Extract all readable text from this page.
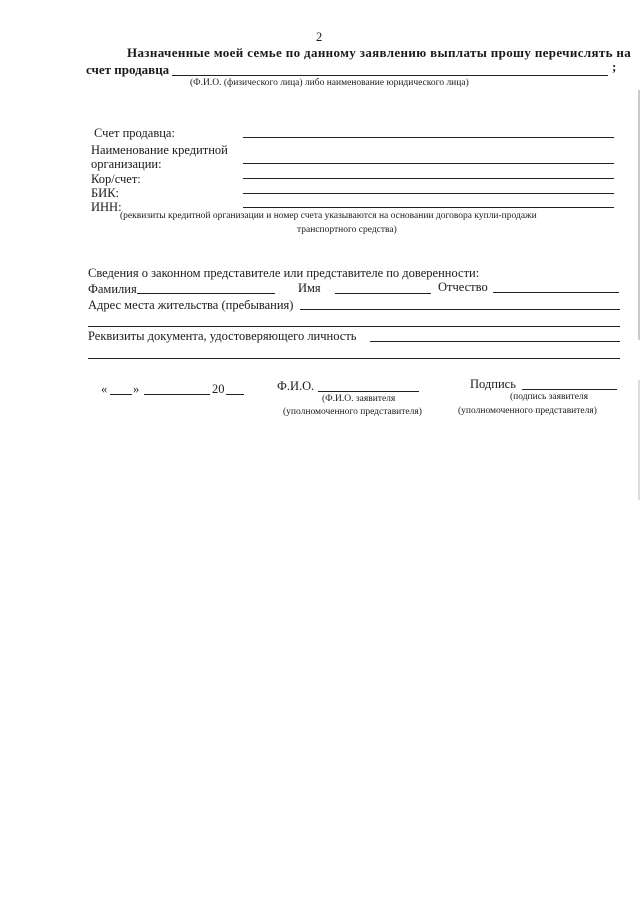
2
Назначенные моей семье по данному заявлению выплаты прошу перечислять на
счет продавца	;
(Ф.И.О. (физического лица) либо наименование юридического лица)
Счет продавца:
Наименование кредитной
организации:
Кор/счет:
БИК:
ИНН:
(реквизиты кредитной организации и номер счета указываются на основании договора купли-продажи
транспортного средства)
Сведения о законном представителе или представителе по доверенности:
Фамилия	Имя	Отчество
Адрес места жительства (пребывания)
Реквизиты документа, удостоверяющего личность
« »	20	Ф.И.О.
(Ф.И.О. заявителя
(уполномоченного представителя)
Подпись
(подпись заявителя
(уполномоченного представителя)
